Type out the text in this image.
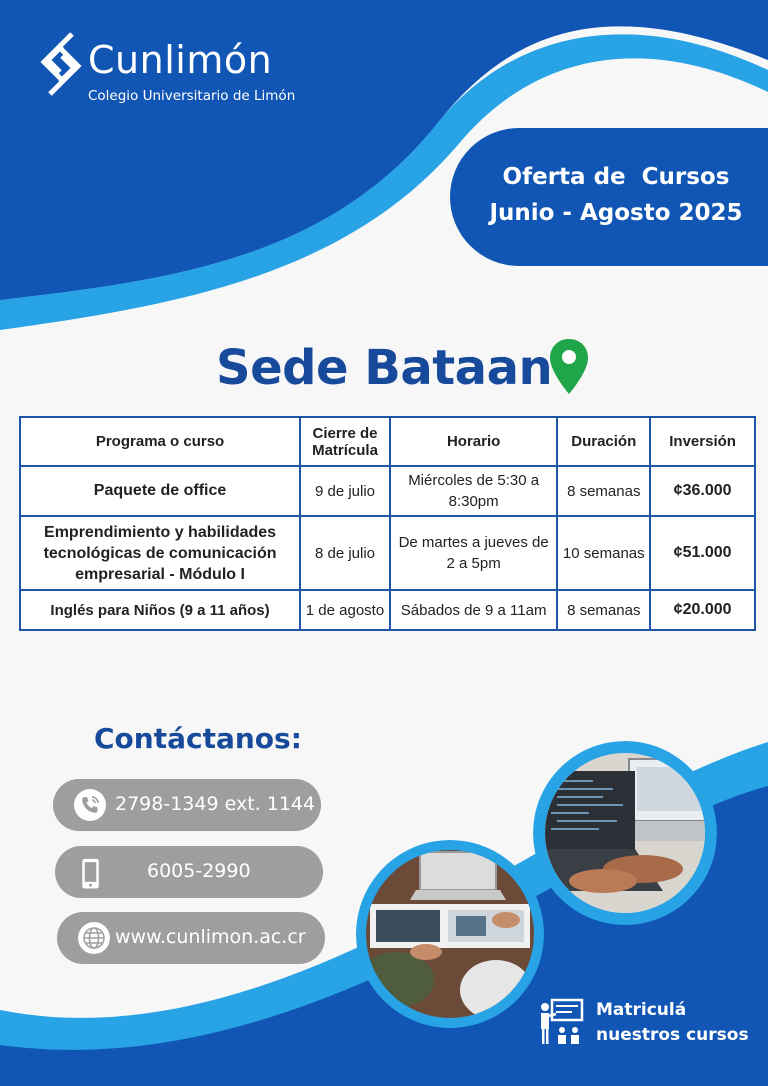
Cunlimón
Colegio Universitario de Limón
Oferta de  Cursos
Junio - Agosto 2025
Sede Bataan
Programa o curso	Cierre de Matrícula	Horario	Duración	Inversión
Paquete de office	9 de julio	Miércoles de 5:30 a 8:30pm	8 semanas	¢36.000
Emprendimiento y habilidades tecnológicas de comunicación empresarial - Módulo I	8 de julio	De martes a jueves de 2 a 5pm	10 semanas	¢51.000
Inglés para Niños (9 a 11 años)	1 de agosto	Sábados de 9 a 11am	8 semanas	¢20.000
Contáctanos:
2798-1349 ext. 1144
6005-2990
www.cunlimon.ac.cr
Matriculá
nuestros cursos
